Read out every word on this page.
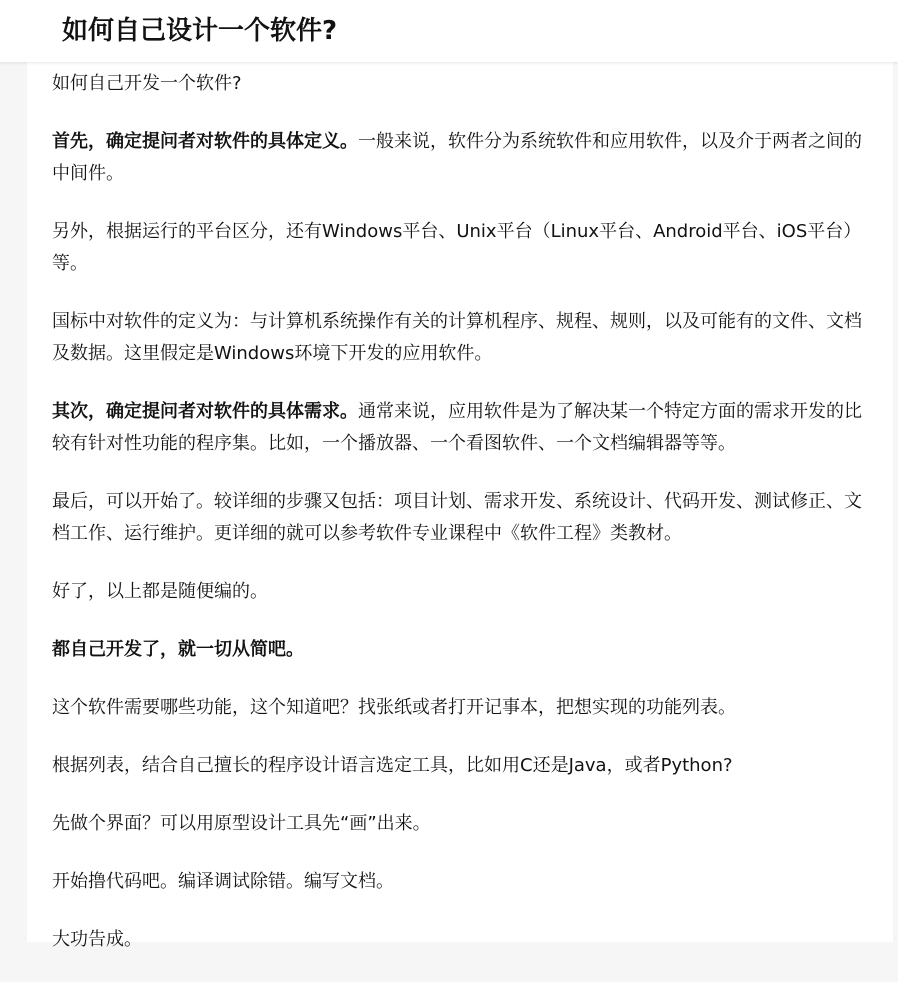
如何自己设计一个软件?

如何自己开发一个软件?

首先，确定提问者对软件的具体定义。一般来说，软件分为系统软件和应用软件，以及介于两者之间的中间件。

另外，根据运行的平台区分，还有Windows平台、Unix平台（Linux平台、Android平台、iOS平台）等。

国标中对软件的定义为：与计算机系统操作有关的计算机程序、规程、规则，以及可能有的文件、文档及数据。这里假定是Windows环境下开发的应用软件。

其次，确定提问者对软件的具体需求。通常来说，应用软件是为了解决某一个特定方面的需求开发的比较有针对性功能的程序集。比如，一个播放器、一个看图软件、一个文档编辑器等等。

最后，可以开始了。较详细的步骤又包括：项目计划、需求开发、系统设计、代码开发、测试修正、文档工作、运行维护。更详细的就可以参考软件专业课程中《软件工程》类教材。

好了，以上都是随便编的。

都自己开发了，就一切从简吧。

这个软件需要哪些功能，这个知道吧？找张纸或者打开记事本，把想实现的功能列表。

根据列表，结合自己擅长的程序设计语言选定工具，比如用C还是Java，或者Python?

先做个界面？可以用原型设计工具先“画”出来。

开始撸代码吧。编译调试除错。编写文档。

大功告成。
